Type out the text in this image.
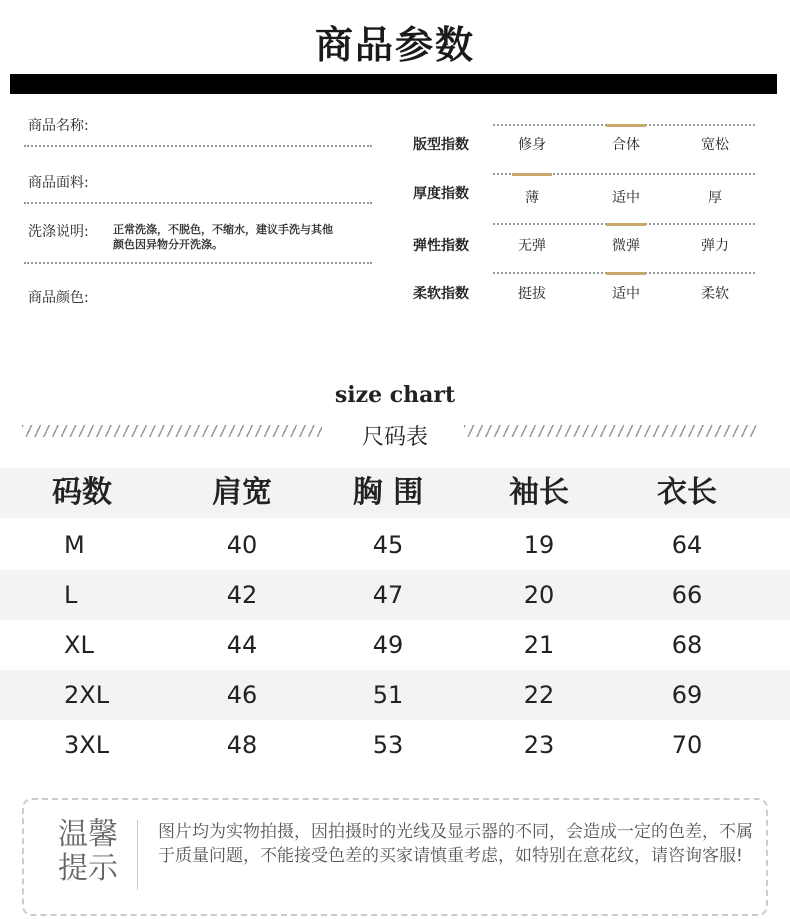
商品参数
商品名称:
商品面料:
洗涤说明:	正常洗涤，不脱色，不缩水，建议手洗与其他颜色因异物分开洗涤。
商品颜色:
版型指数	修身	合体	宽松
厚度指数	薄	适中	厚
弹性指数	无弹	微弹	弹力
柔软指数	挺拔	适中	柔软
size chart
尺码表
码数	肩宽	胸 围	袖长	衣长
M	40	45	19	64
L	42	47	20	66
XL	44	49	21	68
2XL	46	51	22	69
3XL	48	53	23	70
温馨
提示
图片均为实物拍摄，因拍摄时的光线及显示器的不同，会造成一定的色差，不属于质量问题，不能接受色差的买家请慎重考虑，如特别在意花纹，请咨询客服!
